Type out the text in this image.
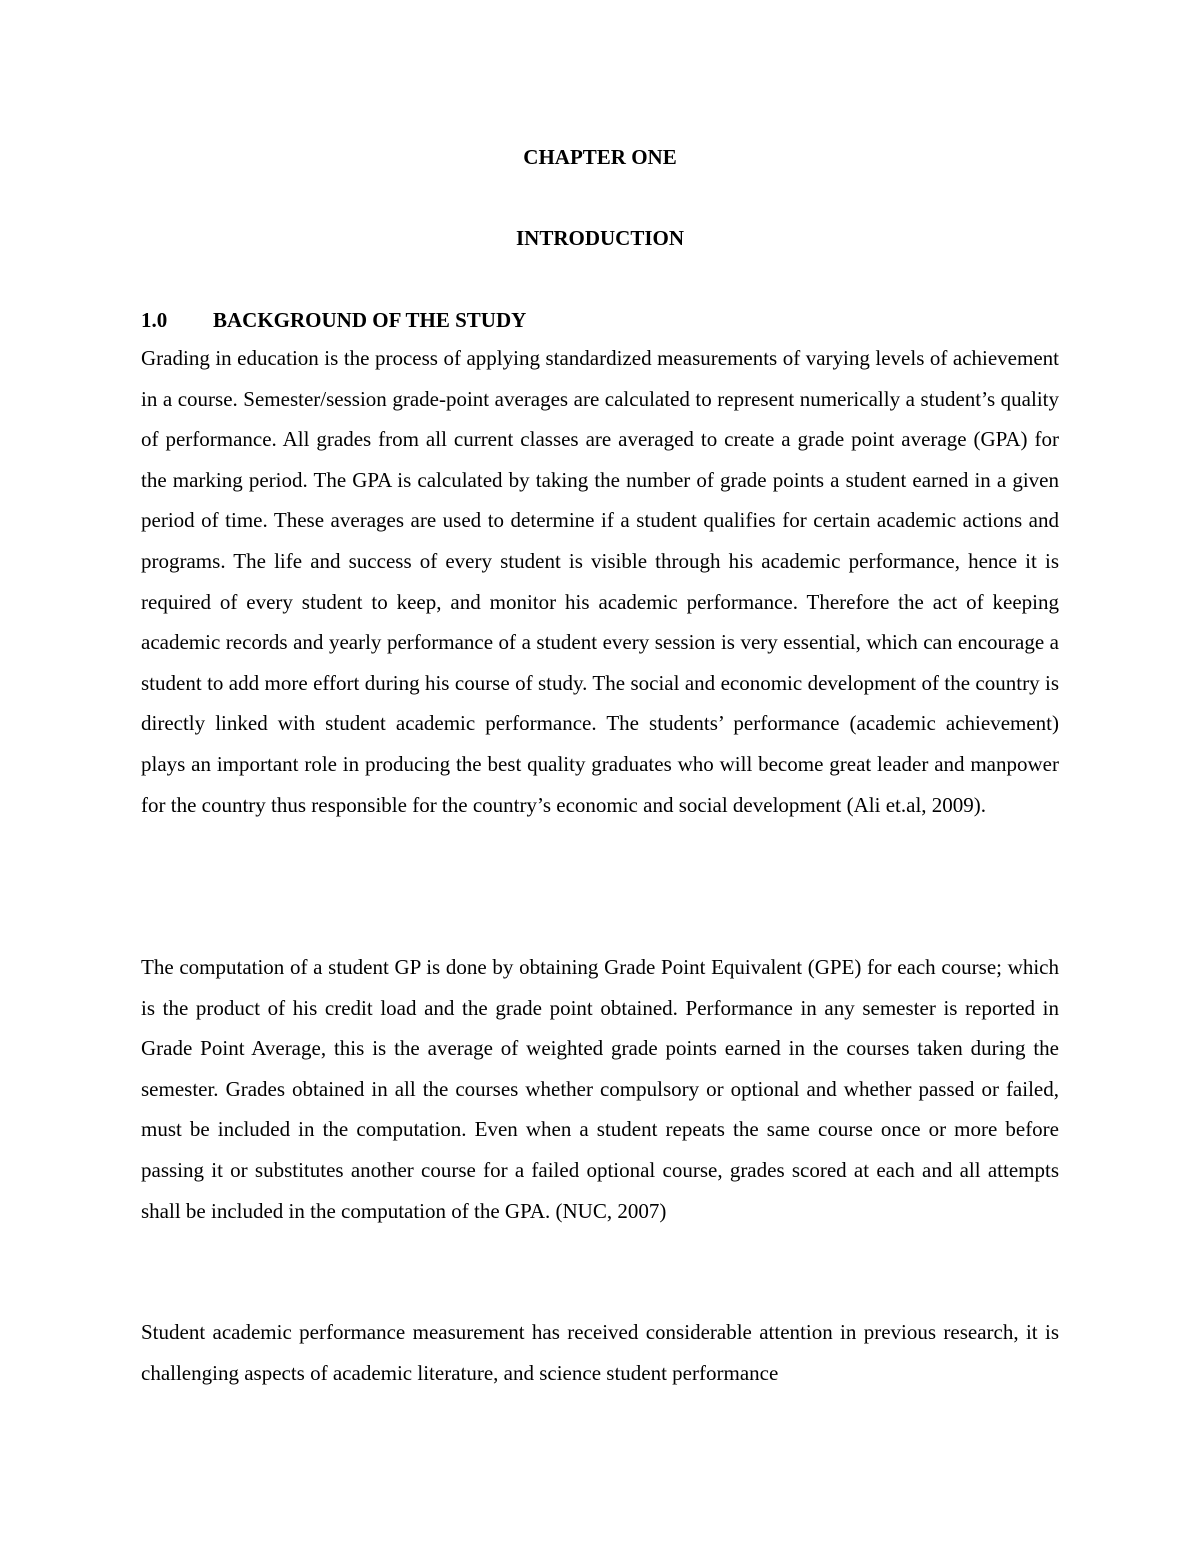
CHAPTER ONE
INTRODUCTION
1.0 BACKGROUND OF THE STUDY

Grading in education is the process of applying standardized measurements of varying levels of achievement in a course. Semester/session grade-point averages are calculated to represent numerically a student’s quality of performance. All grades from all current classes are averaged to create a grade point average (GPA) for the marking period. The GPA is calculated by taking the number of grade points a student earned in a given period of time. These averages are used to determine if a student qualifies for certain academic actions and programs. The life and success of every student is visible through his academic performance, hence it is required of every student to keep, and monitor his academic performance. Therefore the act of keeping academic records and yearly performance of a student every session is very essential, which can encourage a student to add more effort during his course of study. The social and economic development of the country is directly linked with student academic performance. The students’ performance (academic achievement) plays an important role in producing the best quality graduates who will become great leader and manpower for the country thus responsible for the country’s economic and social development (Ali et.al, 2009).

The computation of a student GP is done by obtaining Grade Point Equivalent (GPE) for each course; which is the product of his credit load and the grade point obtained. Performance in any semester is reported in Grade Point Average, this is the average of weighted grade points earned in the courses taken during the semester. Grades obtained in all the courses whether compulsory or optional and whether passed or failed, must be included in the computation. Even when a student repeats the same course once or more before passing it or substitutes another course for a failed optional course, grades scored at each and all attempts shall be included in the computation of the GPA. (NUC, 2007)

Student academic performance measurement has received considerable attention in previous research, it is challenging aspects of academic literature, and science student performance
